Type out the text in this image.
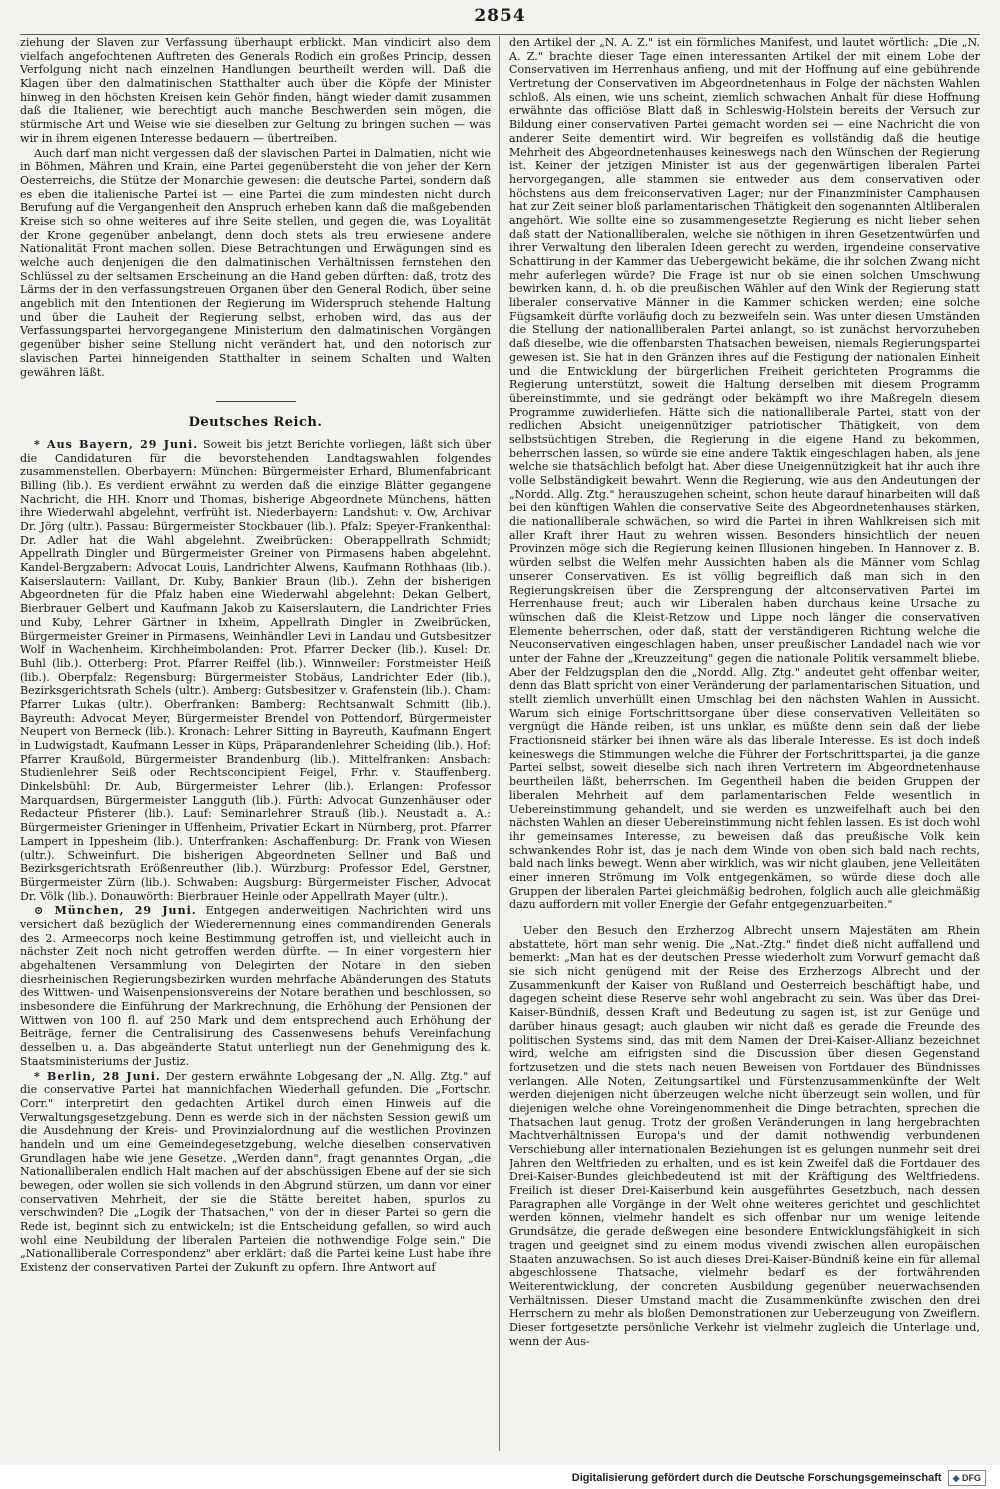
2854

ziehung der Slaven zur Verfassung überhaupt erblickt. Man vindicirt also dem vielfach angefochtenen Auftreten des Generals Rodich ein großes Princip, dessen Verfolgung nicht nach einzelnen Handlungen beurtheilt werden will. Daß die Klagen über den dalmatinischen Statthalter auch über die Köpfe der Minister hinweg in den höchsten Kreisen kein Gehör finden, hängt wieder damit zusammen daß die Italiener, wie berechtigt auch manche Beschwerden sein mögen, die stürmische Art und Weise wie sie dieselben zur Geltung zu bringen suchen — was wir in ihrem eigenen Interesse bedauern — übertreiben.

Auch darf man nicht vergessen daß der slavischen Partei in Dalmatien, nicht wie in Böhmen, Mähren und Krain, eine Partei gegenübersteht die von jeher der Kern Oesterreichs, die Stütze der Monarchie gewesen: die deutsche Partei, sondern daß es eben die italienische Partei ist — eine Partei die zum mindesten nicht durch Berufung auf die Vergangenheit den Anspruch erheben kann daß die maßgebenden Kreise sich so ohne weiteres auf ihre Seite stellen, und gegen die, was Loyalität der Krone gegenüber anbelangt, denn doch stets als treu erwiesene andere Nationalität Front machen sollen. Diese Betrachtungen und Erwägungen sind es welche auch denjenigen die den dalmatinischen Verhältnissen fernstehen den Schlüssel zu der seltsamen Erscheinung an die Hand geben dürften: daß, trotz des Lärms der in den verfassungstreuen Organen über den General Rodich, über seine angeblich mit den Intentionen der Regierung im Widerspruch stehende Haltung und über die Lauheit der Regierung selbst, erhoben wird, das aus der Verfassungspartei hervorgegangene Ministerium den dalmatinischen Vorgängen gegenüber bisher seine Stellung nicht verändert hat, und den notorisch zur slavischen Partei hinneigenden Statthalter in seinem Schalten und Walten gewähren läßt.

Deutsches Reich.

* Aus Bayern, 29 Juni. Soweit bis jetzt Berichte vorliegen, läßt sich über die Candidaturen für die bevorstehenden Landtagswahlen folgendes zusammenstellen. Oberbayern: München: Bürgermeister Erhard, Blumenfabricant Billing (lib.). Es verdient erwähnt zu werden daß die einzige Blätter gegangene Nachricht, die HH. Knorr und Thomas, bisherige Abgeordnete Münchens, hätten ihre Wiederwahl abgelehnt, verfrüht ist. Niederbayern: Landshut: v. Ow, Archivar Dr. Jörg (ultr.). Passau: Bürgermeister Stockbauer (lib.). Pfalz: Speyer-Frankenthal: Dr. Adler hat die Wahl abgelehnt. Zweibrücken: Oberappellrath Schmidt; Appellrath Dingler und Bürgermeister Greiner von Pirmasens haben abgelehnt. Kandel-Bergzabern: Advocat Louis, Landrichter Alwens, Kaufmann Rothhaas (lib.). Kaiserslautern: Vaillant, Dr. Kuby, Bankier Braun (lib.). Zehn der bisherigen Abgeordneten für die Pfalz haben eine Wiederwahl abgelehnt: Dekan Gelbert, Bierbrauer Gelbert und Kaufmann Jakob zu Kaiserslautern, die Landrichter Fries und Kuby, Lehrer Gärtner in Ixheim, Appellrath Dingler in Zweibrücken, Bürgermeister Greiner in Pirmasens, Weinhändler Levi in Landau und Gutsbesitzer Wolf in Wachenheim. Kirchheimbolanden: Prot. Pfarrer Decker (lib.). Kusel: Dr. Buhl (lib.). Otterberg: Prot. Pfarrer Reiffel (lib.). Winnweiler: Forstmeister Heiß (lib.). Oberpfalz: Regensburg: Bürgermeister Stobäus, Landrichter Eder (lib.), Bezirksgerichtsrath Schels (ultr.). Amberg: Gutsbesitzer v. Grafenstein (lib.). Cham: Pfarrer Lukas (ultr.). Oberfranken: Bamberg: Rechtsanwalt Schmitt (lib.). Bayreuth: Advocat Meyer, Bürgermeister Brendel von Pottendorf, Bürgermeister Neupert von Berneck (lib.). Kronach: Lehrer Sitting in Bayreuth, Kaufmann Engert in Ludwigstadt, Kaufmann Lesser in Küps, Präparandenlehrer Scheiding (lib.). Hof: Pfarrer Kraußold, Bürgermeister Brandenburg (lib.). Mittelfranken: Ansbach: Studienlehrer Seiß oder Rechtsconcipient Feigel, Frhr. v. Stauffenberg. Dinkelsbühl: Dr. Aub, Bürgermeister Lehrer (lib.). Erlangen: Professor Marquardsen, Bürgermeister Langguth (lib.). Fürth: Advocat Gunzenhäuser oder Redacteur Pfisterer (lib.). Lauf: Seminarlehrer Strauß (lib.). Neustadt a. A.: Bürgermeister Grieninger in Uffenheim, Privatier Eckart in Nürnberg, prot. Pfarrer Lampert in Ippesheim (lib.). Unterfranken: Aschaffenburg: Dr. Frank von Wiesen (ultr.). Schweinfurt. Die bisherigen Abgeordneten Sellner und Baß und Bezirksgerichtsrath Erößenreuther (lib.). Würzburg: Professor Edel, Gerstner, Bürgermeister Zürn (lib.). Schwaben: Augsburg: Bürgermeister Fischer, Advocat Dr. Völk (lib.). Donauwörth: Bierbrauer Heinle oder Appellrath Mayer (ultr.).

⊙ München, 29 Juni. Entgegen anderweitigen Nachrichten wird uns versichert daß bezüglich der Wiederernennung eines commandirenden Generals des 2. Armeecorps noch keine Bestimmung getroffen ist, und vielleicht auch in nächster Zeit noch nicht getroffen werden dürfte. — In einer vorgestern hier abgehaltenen Versammlung von Delegirten der Notare in den sieben diesrheinischen Regierungsbezirken wurden mehrfache Abänderungen des Statuts des Wittwen- und Waisenpensionsvereins der Notare berathen und beschlossen, so insbesondere die Einführung der Markrechnung, die Erhöhung der Pensionen der Wittwen von 100 fl. auf 250 Mark und dem entsprechend auch Erhöhung der Beiträge, ferner die Centralisirung des Cassenwesens behufs Vereinfachung desselben u. a. Das abgeänderte Statut unterliegt nun der Genehmigung des k. Staatsministeriums der Justiz.

* Berlin, 28 Juni. Der gestern erwähnte Lobgesang der „N. Allg. Ztg." auf die conservative Partei hat mannichfachen Wiederhall gefunden. Die „Fortschr. Corr." interpretirt den gedachten Artikel durch einen Hinweis auf die Verwaltungsgesetzgebung. Denn es werde sich in der nächsten Session gewiß um die Ausdehnung der Kreis- und Provinzialordnung auf die westlichen Provinzen handeln und um eine Gemeindegesetzgebung, welche dieselben conservativen Grundlagen habe wie jene Gesetze. „Werden dann", fragt genanntes Organ, „die Nationalliberalen endlich Halt machen auf der abschüssigen Ebene auf der sie sich bewegen, oder wollen sie sich vollends in den Abgrund stürzen, um dann vor einer conservativen Mehrheit, der sie die Stätte bereitet haben, spurlos zu verschwinden? Die „Logik der Thatsachen," von der in dieser Partei so gern die Rede ist, beginnt sich zu entwickeln; ist die Entscheidung gefallen, so wird auch wohl eine Neubildung der liberalen Parteien die nothwendige Folge sein." Die „Nationalliberale Correspondenz" aber erklärt: daß die Partei keine Lust habe ihre Existenz der conservativen Partei der Zukunft zu opfern. Ihre Antwort auf

den Artikel der „N. A. Z." ist ein förmliches Manifest, und lautet wörtlich: „Die „N. A. Z." brachte dieser Tage einen interessanten Artikel der mit einem Lobe der Conservativen im Herrenhaus anfieng, und mit der Hoffnung auf eine gebührende Vertretung der Conservativen im Abgeordnetenhaus in Folge der nächsten Wahlen schloß. Als einen, wie uns scheint, ziemlich schwachen Anhalt für diese Hoffnung erwähnte das officiöse Blatt daß in Schleswig-Holstein bereits der Versuch zur Bildung einer conservativen Partei gemacht worden sei — eine Nachricht die von anderer Seite dementirt wird. Wir begreifen es vollständig daß die heutige Mehrheit des Abgeordnetenhauses keineswegs nach den Wünschen der Regierung ist. Keiner der jetzigen Minister ist aus der gegenwärtigen liberalen Partei hervorgegangen, alle stammen sie entweder aus dem conservativen oder höchstens aus dem freiconservativen Lager; nur der Finanzminister Camphausen hat zur Zeit seiner bloß parlamentarischen Thätigkeit den sogenannten Altliberalen angehört. Wie sollte eine so zusammengesetzte Regierung es nicht lieber sehen daß statt der Nationalliberalen, welche sie nöthigen in ihren Gesetzentwürfen und ihrer Verwaltung den liberalen Ideen gerecht zu werden, irgendeine conservative Schattirung in der Kammer das Uebergewicht bekäme, die ihr solchen Zwang nicht mehr auferlegen würde? Die Frage ist nur ob sie einen solchen Umschwung bewirken kann, d. h. ob die preußischen Wähler auf den Wink der Regierung statt liberaler conservative Männer in die Kammer schicken werden; eine solche Fügsamkeit dürfte vorläufig doch zu bezweifeln sein. Was unter diesen Umständen die Stellung der nationalliberalen Partei anlangt, so ist zunächst hervorzuheben daß dieselbe, wie die offenbarsten Thatsachen beweisen, niemals Regierungspartei gewesen ist. Sie hat in den Gränzen ihres auf die Festigung der nationalen Einheit und die Entwicklung der bürgerlichen Freiheit gerichteten Programms die Regierung unterstützt, soweit die Haltung derselben mit diesem Programm übereinstimmte, und sie gedrängt oder bekämpft wo ihre Maßregeln diesem Programme zuwiderliefen. Hätte sich die nationalliberale Partei, statt von der redlichen Absicht uneigennütziger patriotischer Thätigkeit, von dem selbstsüchtigen Streben, die Regierung in die eigene Hand zu bekommen, beherrschen lassen, so würde sie eine andere Taktik eingeschlagen haben, als jene welche sie thatsächlich befolgt hat. Aber diese Uneigennützigkeit hat ihr auch ihre volle Selbständigkeit bewahrt. Wenn die Regierung, wie aus den Andeutungen der „Nordd. Allg. Ztg." herauszugehen scheint, schon heute darauf hinarbeiten will daß bei den künftigen Wahlen die conservative Seite des Abgeordnetenhauses stärken, die nationalliberale schwächen, so wird die Partei in ihren Wahlkreisen sich mit aller Kraft ihrer Haut zu wehren wissen. Besonders hinsichtlich der neuen Provinzen möge sich die Regierung keinen Illusionen hingeben. In Hannover z. B. würden selbst die Welfen mehr Aussichten haben als die Männer vom Schlag unserer Conservativen. Es ist völlig begreiflich daß man sich in den Regierungskreisen über die Zersprengung der altconservativen Partei im Herrenhause freut; auch wir Liberalen haben durchaus keine Ursache zu wünschen daß die Kleist-Retzow und Lippe noch länger die conservativen Elemente beherrschen, oder daß, statt der verständigeren Richtung welche die Neuconservativen eingeschlagen haben, unser preußischer Landadel nach wie vor unter der Fahne der „Kreuzzeitung" gegen die nationale Politik versammelt bliebe. Aber der Feldzugsplan den die „Nordd. Allg. Ztg." andeutet geht offenbar weiter, denn das Blatt spricht von einer Veränderung der parlamentarischen Situation, und stellt ziemlich unverhüllt einen Umschlag bei den nächsten Wahlen in Aussicht. Warum sich einige Fortschrittsorgane über diese conservativen Velleitäten so vergnügt die Hände reiben, ist uns unklar, es müßte denn sein daß der liebe Fractionsneid stärker bei ihnen wäre als das liberale Interesse. Es ist doch indeß keineswegs die Stimmungen welche die Führer der Fortschrittspartei, ja die ganze Partei selbst, soweit dieselbe sich nach ihren Vertretern im Abgeordnetenhause beurtheilen läßt, beherrschen. Im Gegentheil haben die beiden Gruppen der liberalen Mehrheit auf dem parlamentarischen Felde wesentlich in Uebereinstimmung gehandelt, und sie werden es unzweifelhaft auch bei den nächsten Wahlen an dieser Uebereinstimmung nicht fehlen lassen. Es ist doch wohl ihr gemeinsames Interesse, zu beweisen daß das preußische Volk kein schwankendes Rohr ist, das je nach dem Winde von oben sich bald nach rechts, bald nach links bewegt. Wenn aber wirklich, was wir nicht glauben, jene Velleitäten einer inneren Strömung im Volk entgegenkämen, so würde diese doch alle Gruppen der liberalen Partei gleichmäßig bedrohen, folglich auch alle gleichmäßig dazu auffordern mit voller Energie der Gefahr entgegenzuarbeiten."

Ueber den Besuch den Erzherzog Albrecht unsern Majestäten am Rhein abstattete, hört man sehr wenig. Die „Nat.-Ztg." findet dieß nicht auffallend und bemerkt: „Man hat es der deutschen Presse wiederholt zum Vorwurf gemacht daß sie sich nicht genügend mit der Reise des Erzherzogs Albrecht und der Zusammenkunft der Kaiser von Rußland und Oesterreich beschäftigt habe, und dagegen scheint diese Reserve sehr wohl angebracht zu sein. Was über das Drei-Kaiser-Bündniß, dessen Kraft und Bedeutung zu sagen ist, ist zur Genüge und darüber hinaus gesagt; auch glauben wir nicht daß es gerade die Freunde des politischen Systems sind, das mit dem Namen der Drei-Kaiser-Allianz bezeichnet wird, welche am eifrigsten sind die Discussion über diesen Gegenstand fortzusetzen und die stets nach neuen Beweisen von Fortdauer des Bündnisses verlangen. Alle Noten, Zeitungsartikel und Fürstenzusammenkünfte der Welt werden diejenigen nicht überzeugen welche nicht überzeugt sein wollen, und für diejenigen welche ohne Voreingenommenheit die Dinge betrachten, sprechen die Thatsachen laut genug. Trotz der großen Veränderungen in lang hergebrachten Machtverhältnissen Europa's und der damit nothwendig verbundenen Verschiebung aller internationalen Beziehungen ist es gelungen nunmehr seit drei Jahren den Weltfrieden zu erhalten, und es ist kein Zweifel daß die Fortdauer des Drei-Kaiser-Bundes gleichbedeutend ist mit der Kräftigung des Weltfriedens. Freilich ist dieser Drei-Kaiserbund kein ausgeführtes Gesetzbuch, nach dessen Paragraphen alle Vorgänge in der Welt ohne weiteres gerichtet und geschlichtet werden können, vielmehr handelt es sich offenbar nur um wenige leitende Grundsätze, die gerade deßwegen eine besondere Entwicklungsfähigkeit in sich tragen und geeignet sind zu einem modus vivendi zwischen allen europäischen Staaten anzuwachsen. So ist auch dieses Drei-Kaiser-Bündniß keine ein für allemal abgeschlossene Thatsache, vielmehr bedarf es der fortwährenden Weiterentwicklung, der concreten Ausbildung gegenüber neuerwachsenden Verhältnissen. Dieser Umstand macht die Zusammenkünfte zwischen den drei Herrschern zu mehr als bloßen Demonstrationen zur Ueberzeugung von Zweiflern. Dieser fortgesetzte persönliche Verkehr ist vielmehr zugleich die Unterlage und, wenn der Aus-

Digitalisierung gefördert durch die Deutsche Forschungsgemeinschaft ◆
DFG
